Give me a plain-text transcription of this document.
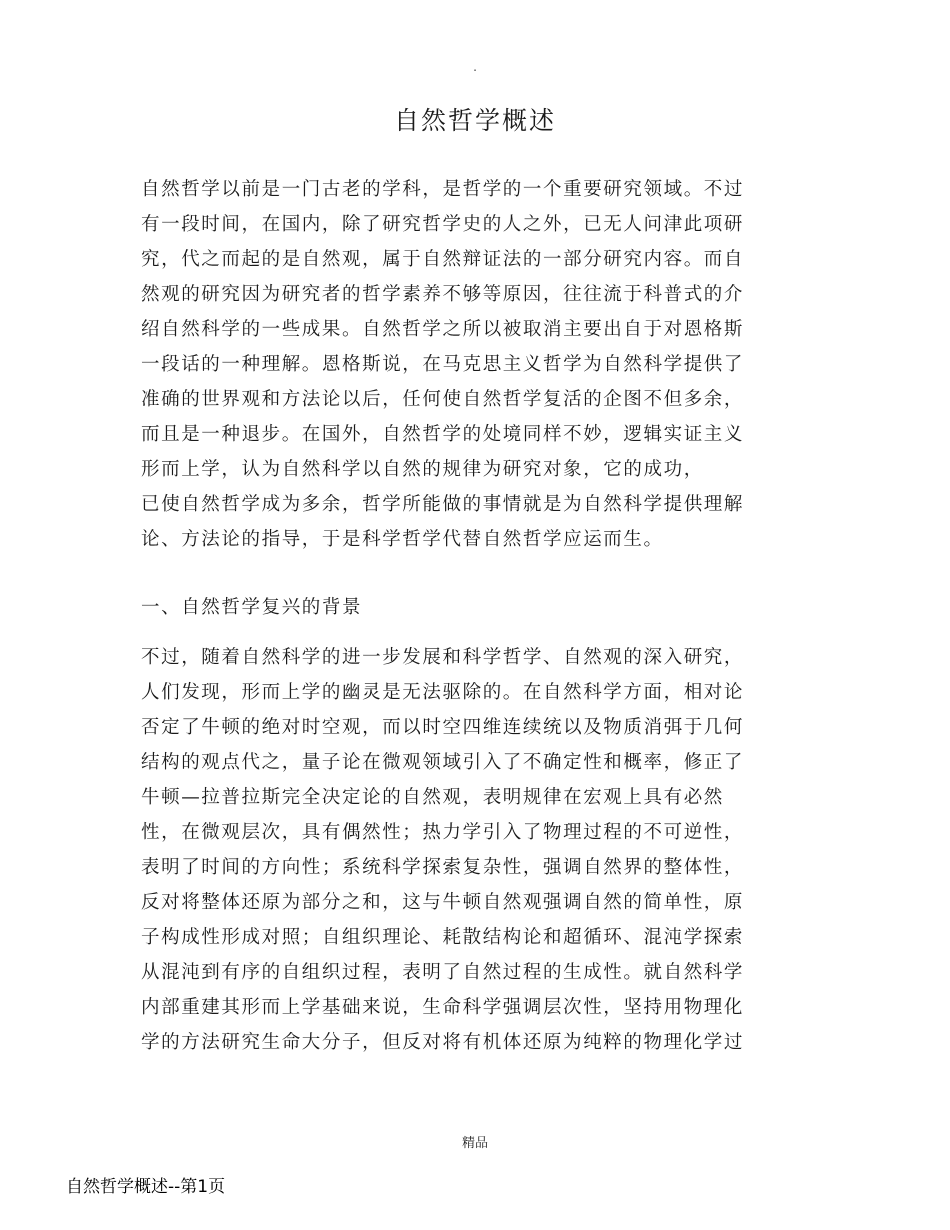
.
自然哲学概述
自然哲学以前是一门古老的学科，是哲学的一个重要研究领域。不过
有一段时间，在国内，除了研究哲学史的人之外，已无人问津此项研
究，代之而起的是自然观，属于自然辩证法的一部分研究内容。而自
然观的研究因为研究者的哲学素养不够等原因，往往流于科普式的介
绍自然科学的一些成果。自然哲学之所以被取消主要出自于对恩格斯
一段话的一种理解。恩格斯说，在马克思主义哲学为自然科学提供了
准确的世界观和方法论以后，任何使自然哲学复活的企图不但多余，
而且是一种退步。在国外，自然哲学的处境同样不妙，逻辑实证主义
形而上学，认为自然科学以自然的规律为研究对象，它的成功，
已使自然哲学成为多余，哲学所能做的事情就是为自然科学提供理解
论、方法论的指导，于是科学哲学代替自然哲学应运而生。
一、自然哲学复兴的背景
不过，随着自然科学的进一步发展和科学哲学、自然观的深入研究，
人们发现，形而上学的幽灵是无法驱除的。在自然科学方面，相对论
否定了牛顿的绝对时空观，而以时空四维连续统以及物质消弭于几何
结构的观点代之，量子论在微观领域引入了不确定性和概率，修正了
牛顿—拉普拉斯完全决定论的自然观，表明规律在宏观上具有必然
性，在微观层次，具有偶然性；热力学引入了物理过程的不可逆性，
表明了时间的方向性；系统科学探索复杂性，强调自然界的整体性，
反对将整体还原为部分之和，这与牛顿自然观强调自然的简单性，原
子构成性形成对照；自组织理论、耗散结构论和超循环、混沌学探索
从混沌到有序的自组织过程，表明了自然过程的生成性。就自然科学
内部重建其形而上学基础来说，生命科学强调层次性，坚持用物理化
学的方法研究生命大分子，但反对将有机体还原为纯粹的物理化学过
精品
自然哲学概述--第1页
